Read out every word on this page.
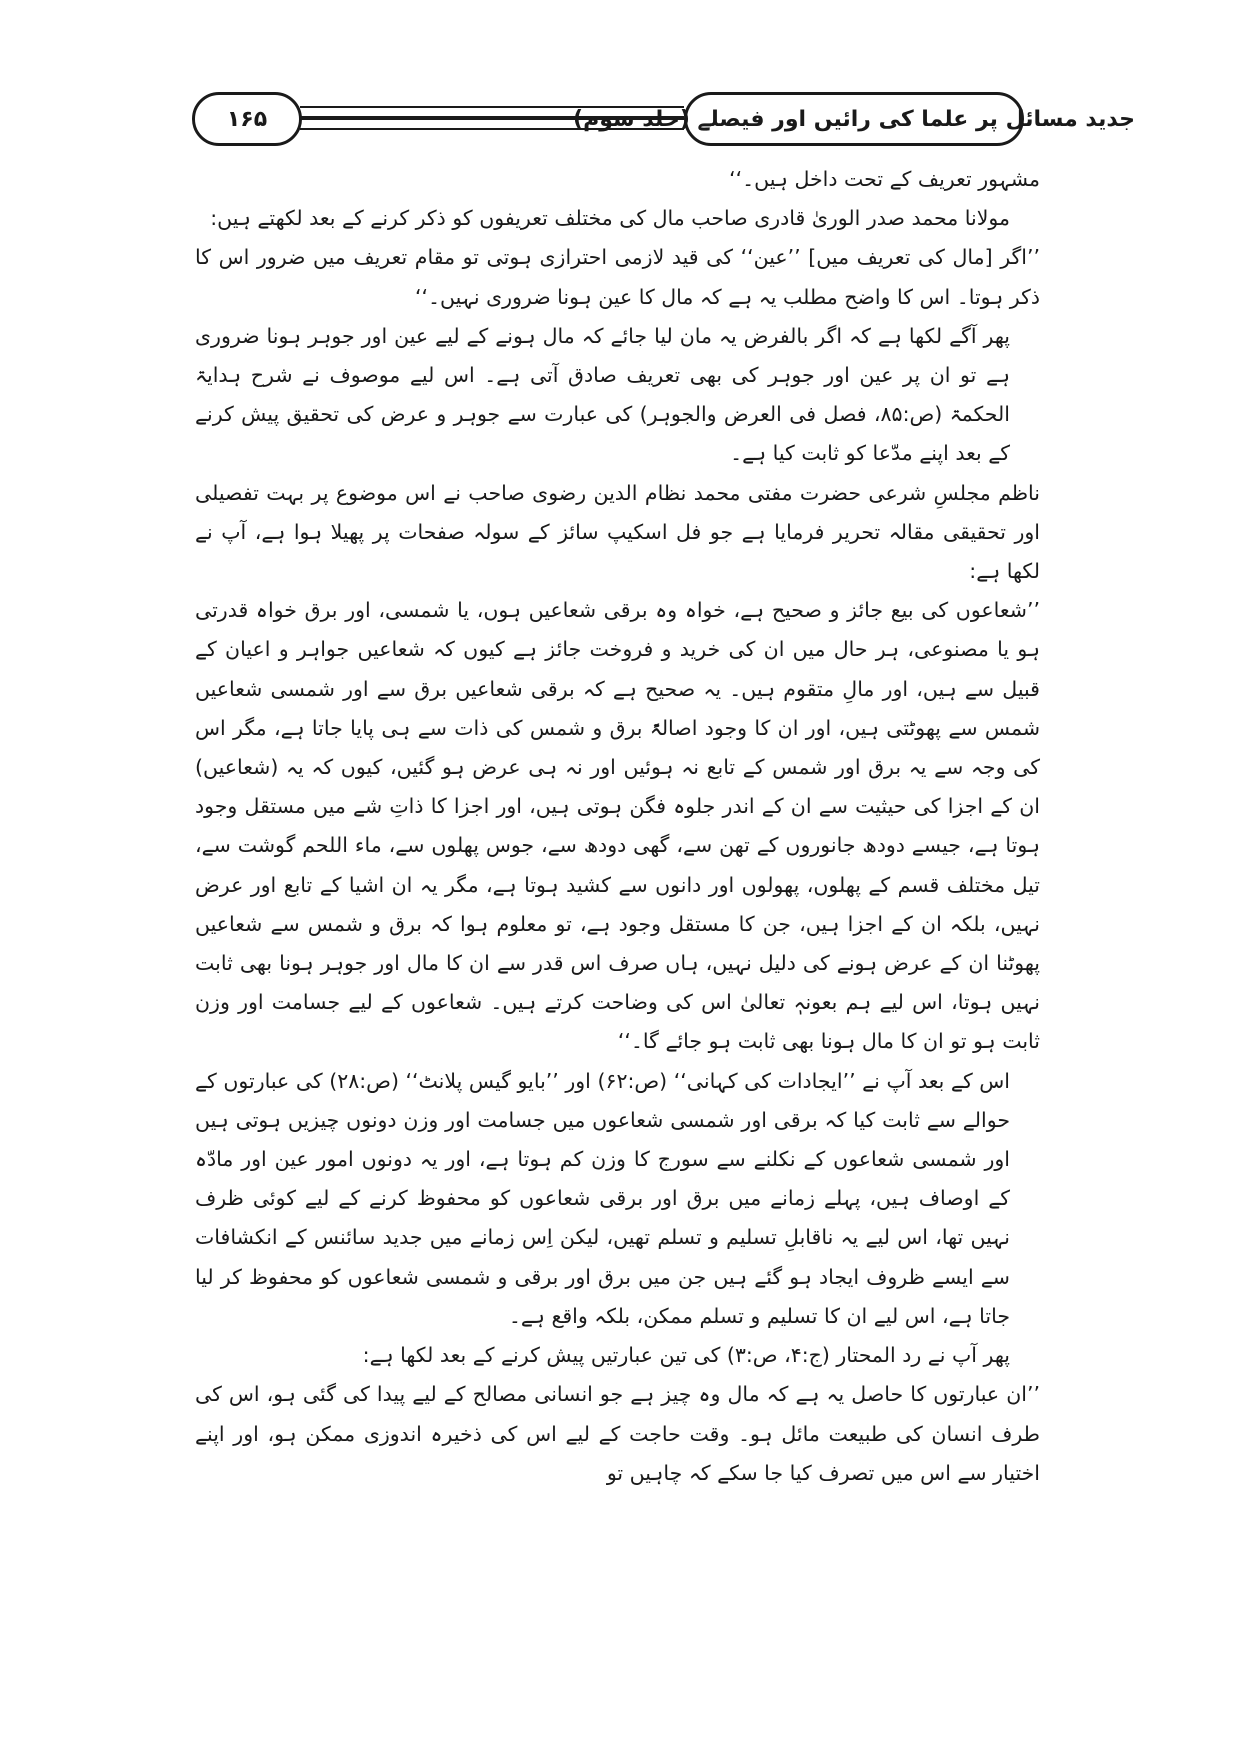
۱۶۵	جدید مسائل پر علما کی رائیں اور فیصلے (جلد سوم)

مشہور تعریف کے تحت داخل ہیں۔‘‘

مولانا محمد صدر الوریٰ قادری صاحب مال کی مختلف تعریفوں کو ذکر کرنے کے بعد لکھتے ہیں:

’’اگر [مال کی تعریف میں] ’’عین‘‘ کی قید لازمی احترازی ہوتی تو مقام تعریف میں ضرور اس کا ذکر ہوتا۔ اس کا واضح مطلب یہ ہے کہ مال کا عین ہونا ضروری نہیں۔‘‘

پھر آگے لکھا ہے کہ اگر بالفرض یہ مان لیا جائے کہ مال ہونے کے لیے عین اور جوہر ہونا ضروری ہے تو ان پر عین اور جوہر کی بھی تعریف صادق آتی ہے۔ اس لیے موصوف نے شرح ہدایۃ الحکمۃ (ص:۸۵، فصل فی العرض والجوہر) کی عبارت سے جوہر و عرض کی تحقیق پیش کرنے کے بعد اپنے مدّعا کو ثابت کیا ہے۔

ناظم مجلسِ شرعی حضرت مفتی محمد نظام الدین رضوی صاحب نے اس موضوع پر بہت تفصیلی اور تحقیقی مقالہ تحریر فرمایا ہے جو فل اسکیپ سائز کے سولہ صفحات پر پھیلا ہوا ہے، آپ نے لکھا ہے:

’’شعاعوں کی بیع جائز و صحیح ہے، خواہ وہ برقی شعاعیں ہوں، یا شمسی، اور برق خواہ قدرتی ہو یا مصنوعی، ہر حال میں ان کی خرید و فروخت جائز ہے کیوں کہ شعاعیں جواہر و اعیان کے قبیل سے ہیں، اور مالِ متقوم ہیں۔ یہ صحیح ہے کہ برقی شعاعیں برق سے اور شمسی شعاعیں شمس سے پھوٹتی ہیں، اور ان کا وجود اصالۃً برق و شمس کی ذات سے ہی پایا جاتا ہے، مگر اس کی وجہ سے یہ برق اور شمس کے تابع نہ ہوئیں اور نہ ہی عرض ہو گئیں، کیوں کہ یہ (شعاعیں) ان کے اجزا کی حیثیت سے ان کے اندر جلوہ فگن ہوتی ہیں، اور اجزا کا ذاتِ شے میں مستقل وجود ہوتا ہے، جیسے دودھ جانوروں کے تھن سے، گھی دودھ سے، جوس پھلوں سے، ماء اللحم گوشت سے، تیل مختلف قسم کے پھلوں، پھولوں اور دانوں سے کشید ہوتا ہے، مگر یہ ان اشیا کے تابع اور عرض نہیں، بلکہ ان کے اجزا ہیں، جن کا مستقل وجود ہے، تو معلوم ہوا کہ برق و شمس سے شعاعیں پھوٹنا ان کے عرض ہونے کی دلیل نہیں، ہاں صرف اس قدر سے ان کا مال اور جوہر ہونا بھی ثابت نہیں ہوتا، اس لیے ہم بعونہٖ تعالیٰ اس کی وضاحت کرتے ہیں۔ شعاعوں کے لیے جسامت اور وزن ثابت ہو تو ان کا مال ہونا بھی ثابت ہو جائے گا۔‘‘

اس کے بعد آپ نے ’’ایجادات کی کہانی‘‘ (ص:۶۲) اور ’’بایو گیس پلانٹ‘‘ (ص:۲۸) کی عبارتوں کے حوالے سے ثابت کیا کہ برقی اور شمسی شعاعوں میں جسامت اور وزن دونوں چیزیں ہوتی ہیں اور شمسی شعاعوں کے نکلنے سے سورج کا وزن کم ہوتا ہے، اور یہ دونوں امور عین اور مادّہ کے اوصاف ہیں، پہلے زمانے میں برق اور برقی شعاعوں کو محفوظ کرنے کے لیے کوئی ظرف نہیں تھا، اس لیے یہ ناقابلِ تسلیم و تسلم تھیں، لیکن اِس زمانے میں جدید سائنس کے انکشافات سے ایسے ظروف ایجاد ہو گئے ہیں جن میں برق اور برقی و شمسی شعاعوں کو محفوظ کر لیا جاتا ہے، اس لیے ان کا تسلیم و تسلم ممکن، بلکہ واقع ہے۔

پھر آپ نے رد المحتار (ج:۴، ص:۳) کی تین عبارتیں پیش کرنے کے بعد لکھا ہے:

’’ان عبارتوں کا حاصل یہ ہے کہ مال وہ چیز ہے جو انسانی مصالح کے لیے پیدا کی گئی ہو، اس کی طرف انسان کی طبیعت مائل ہو۔ وقت حاجت کے لیے اس کی ذخیرہ اندوزی ممکن ہو، اور اپنے اختیار سے اس میں تصرف کیا جا سکے کہ چاہیں تو
